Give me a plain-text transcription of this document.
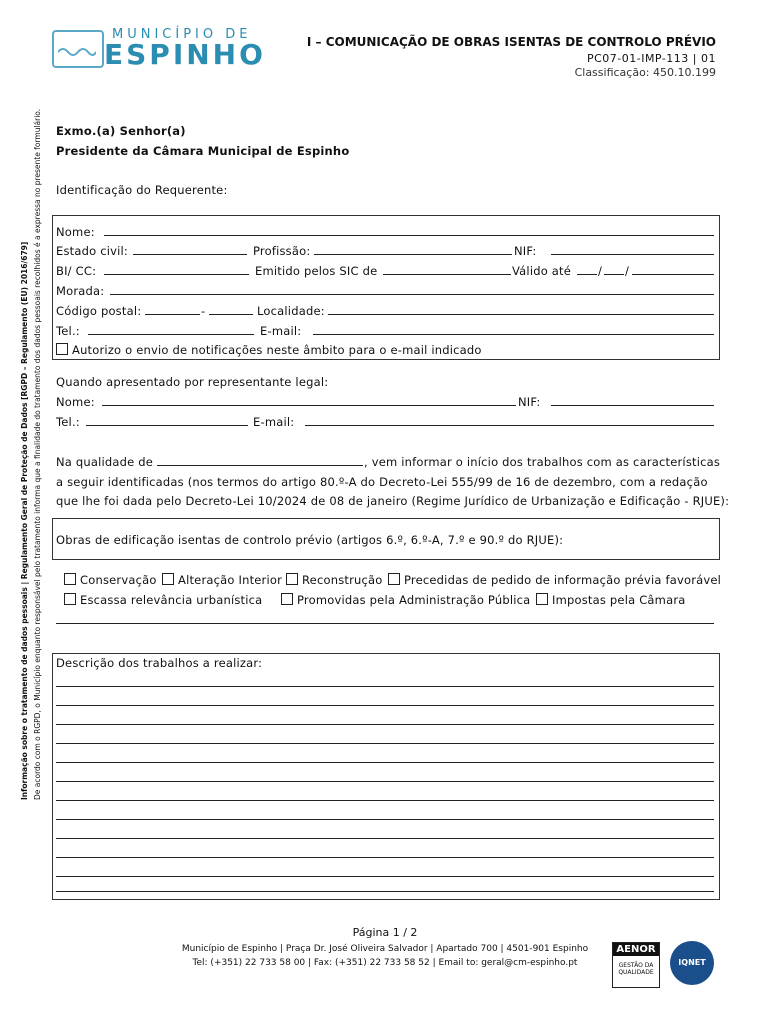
MUNICÍPIO DE
ESPINHO	I – COMUNICAÇÃO DE OBRAS ISENTAS DE CONTROLO PRÉVIO
PC07-01-IMP-113 | 01
Classificação: 450.10.199
Informação sobre o tratamento de dados pessoais | Regulamento Geral de Proteção de Dados [RGPD – Regulamento (EU) 2016/679] De acordo com o RGPD, o Município enquanto responsável pelo tratamento informa que a finalidade do tratamento dos dados pessoais recolhidos é a expressa no presente formulário. Exmo.(a) Senhor(a)
Presidente da Câmara Municipal de Espinho
Identificação do Requerente:
Nome:
Estado civil:	Profissão:	NIF:
BI/ CC:	Emitido pelos SIC de	Válido até / /
Morada:
Código postal:	-	Localidade:
Tel.:	E-mail:
Autorizo o envio de notificações neste âmbito para o e-mail indicado
Quando apresentado por representante legal:
Nome:	NIF:
Tel.:	E-mail:
Na qualidade de	, vem informar o início dos trabalhos com as características
a seguir identificadas (nos termos do artigo 80.º-A do Decreto-Lei 555/99 de 16 de dezembro, com a redação
que lhe foi dada pelo Decreto-Lei 10/2024 de 08 de janeiro (Regime Jurídico de Urbanização e Edificação - RJUE):
Obras de edificação isentas de controlo prévio (artigos 6.º, 6.º-A, 7.º e 90.º do RJUE):
Conservação	Alteração Interior	Reconstrução	Precedidas de pedido de informação prévia favorável
Escassa relevância urbanística	Promovidas pela Administração Pública	Impostas pela Câmara
Descrição dos trabalhos a realizar:
Página 1 / 2
Município de Espinho | Praça Dr. José Oliveira Salvador | Apartado 700 | 4501-901 Espinho
Tel: (+351) 22 733 58 00 | Fax: (+351) 22 733 58 52 | Email to: geral@cm-espinho.pt
AENOR
GESTÃO DA QUALIDADE
IQNET
